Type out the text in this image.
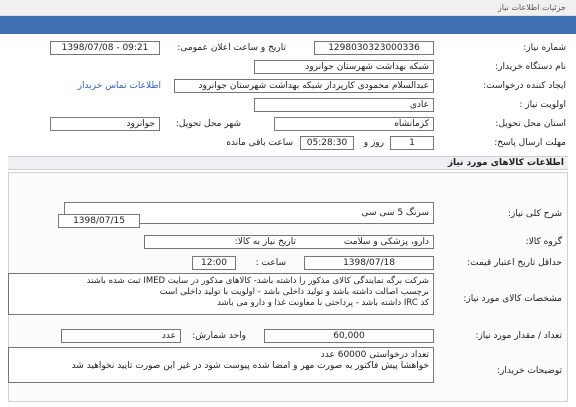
جزئیات اطلاعات نیاز
شماره نیاز:
1298030323000336
تاریخ و ساعت اعلان عمومی:
1398/07/08 - 09:21
نام دستگاه خریدار:
شبکه بهداشت شهرستان جوانرود
ایجاد کننده درخواست:
عبدالسلام محمودی کارپرداز شبکه بهداشت شهرستان جوانرود
اطلاعات تماس خریدار
اولویت نیاز :
عادی
استان محل تحویل:
کرمانشاه
شهر محل تحویل:
جوانرود
مهلت ارسال پاسخ:
1
روز و
05:28:30
ساعت باقی مانده
اطلاعات کالاهای مورد نیاز
شرح کلی نیاز:
سرنگ 5 سی سی
گروه کالا:
دارو، پزشکی و سلامت
تاریخ نیاز به کالا:
حداقل تاریخ اعتبار قیمت:
1398/07/18
ساعت :
12:00
مشخصات کالای مورد نیاز:
شرکت برگه نمایندگی کالای مذکور را داشته باشد- کالاهای مذکور در سایت IMED ثبت شده باشند
برچسب اصالت داشته باشد و تولید داخلی باشد - اولویت با تولید داخلی است
کد IRC داشته باشد - پرداختی با معاونت غذا و دارو می باشد
تعداد / مقدار مورد نیاز:
60,000
واحد شمارش:
عدد
توضیحات خریدار:
تعداد درخواستی 60000 عدد
خواهشا پیش فاکتور به صورت مهر و امضا شده پیوست شود در غیر این صورت تایید نخواهید شد
1398/07/15
